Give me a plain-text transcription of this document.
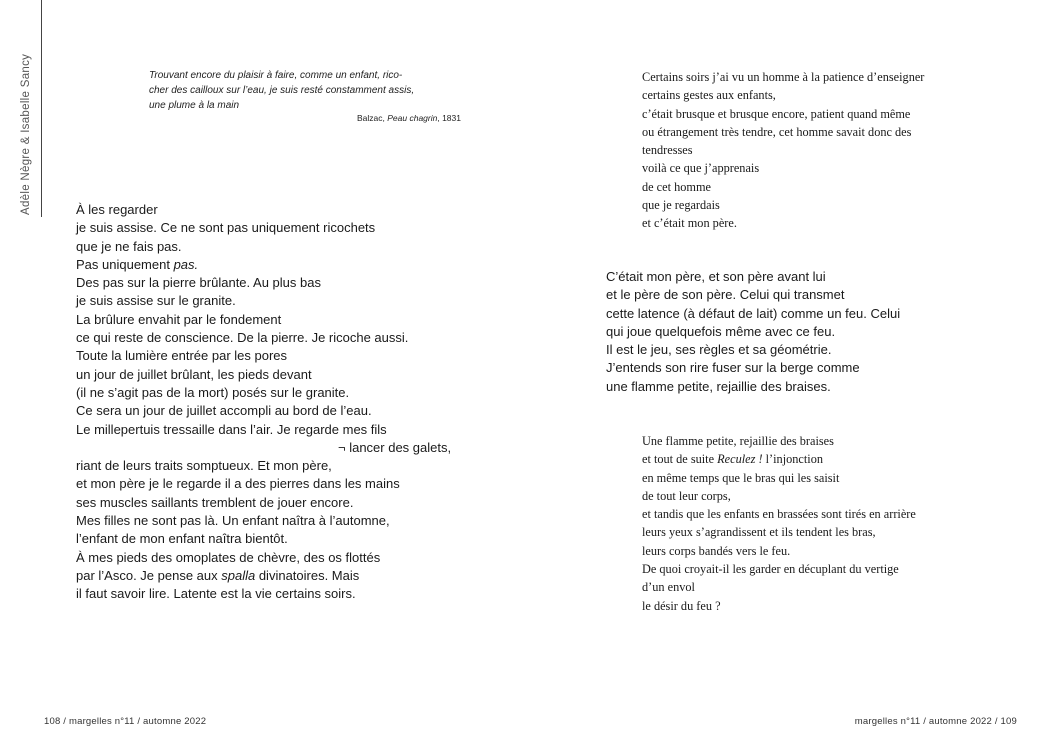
Adèle Nègre & Isabelle Sancy	Trouvant encore du plaisir à faire, comme un enfant, rico-
cher des cailloux sur l’eau, je suis resté constamment assis,
une plume à la main
Balzac, Peau chagrin, 1831
À les regarder
je suis assise. Ce ne sont pas uniquement ricochets
que je ne fais pas.
Pas uniquement pas.
Des pas sur la pierre brûlante. Au plus bas
je suis assise sur le granite.
La brûlure envahit par le fondement
ce qui reste de conscience. De la pierre. Je ricoche aussi.
Toute la lumière entrée par les pores
un jour de juillet brûlant, les pieds devant
(il ne s’agit pas de la mort) posés sur le granite.
Ce sera un jour de juillet accompli au bord de l’eau.
Le millepertuis tressaille dans l’air. Je regarde mes fils
¬ lancer des galets,
riant de leurs traits somptueux. Et mon père,
et mon père je le regarde il a des pierres dans les mains
ses muscles saillants tremblent de jouer encore.
Mes filles ne sont pas là. Un enfant naîtra à l’automne,
l’enfant de mon enfant naîtra bientôt.
À mes pieds des omoplates de chèvre, des os flottés
par l’Asco. Je pense aux spalla divinatoires. Mais
il faut savoir lire. Latente est la vie certains soirs.
Certains soirs j’ai vu un homme à la patience d’enseigner
certains gestes aux enfants,
c’était brusque et brusque encore, patient quand même
ou étrangement très tendre, cet homme savait donc des
tendresses
voilà ce que j’apprenais
de cet homme
que je regardais
et c’était mon père.
C’était mon père, et son père avant lui
et le père de son père. Celui qui transmet
cette latence (à défaut de lait) comme un feu. Celui
qui joue quelquefois même avec ce feu.
Il est le jeu, ses règles et sa géométrie.
J’entends son rire fuser sur la berge comme
une flamme petite, rejaillie des braises.
Une flamme petite, rejaillie des braises
et tout de suite Reculez ! l’injonction
en même temps que le bras qui les saisit
de tout leur corps,
et tandis que les enfants en brassées sont tirés en arrière
leurs yeux s’agrandissent et ils tendent les bras,
leurs corps bandés vers le feu.
De quoi croyait-il les garder en décuplant du vertige
d’un envol
le désir du feu ?
108 / margelles n°11 / automne 2022	margelles n°11 / automne 2022 / 109
